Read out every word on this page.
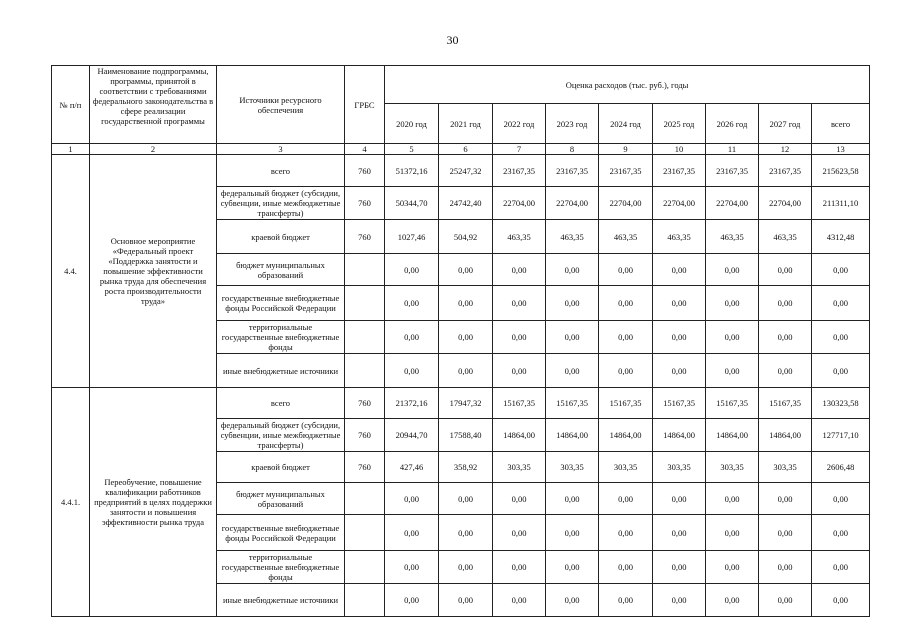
30
№ п/п	Наименование подпрограммы, программы, принятой в соответствии с требованиями федерального законодательства в сфере реализации государственной программы	Источники ресурсного обеспечения	ГРБС	Оценка расходов (тыс. руб.), годы								
				2020 год	2021 год	2022 год	2023 год	2024 год	2025 год	2026 год	2027 год	всего
1	2	3	4	5	6	7	8	9	10	11	12	13
4.4.	Основное мероприятие «Федеральный проект «Поддержка занятости и повышение эффективности рынка труда для обеспечения роста производительности труда»	всего	760	51372,16	25247,32	23167,35	23167,35	23167,35	23167,35	23167,35	23167,35	215623,58
		федеральный бюджет (субсидии, субвенции, иные межбюджетные трансферты)	760	50344,70	24742,40	22704,00	22704,00	22704,00	22704,00	22704,00	22704,00	211311,10
		краевой бюджет	760	1027,46	504,92	463,35	463,35	463,35	463,35	463,35	463,35	4312,48
		бюджет муниципальных образований		0,00	0,00	0,00	0,00	0,00	0,00	0,00	0,00	0,00
		государственные внебюджетные фонды Российской Федерации		0,00	0,00	0,00	0,00	0,00	0,00	0,00	0,00	0,00
		территориальные государственные внебюджетные фонды		0,00	0,00	0,00	0,00	0,00	0,00	0,00	0,00	0,00
		иные внебюджетные источники		0,00	0,00	0,00	0,00	0,00	0,00	0,00	0,00	0,00
4.4.1.	Переобучение, повышение квалификации работников предприятий в целях поддержки занятости и повышения эффективности рынка труда	всего	760	21372,16	17947,32	15167,35	15167,35	15167,35	15167,35	15167,35	15167,35	130323,58
		федеральный бюджет (субсидии, субвенции, иные межбюджетные трансферты)	760	20944,70	17588,40	14864,00	14864,00	14864,00	14864,00	14864,00	14864,00	127717,10
		краевой бюджет	760	427,46	358,92	303,35	303,35	303,35	303,35	303,35	303,35	2606,48
		бюджет муниципальных образований		0,00	0,00	0,00	0,00	0,00	0,00	0,00	0,00	0,00
		государственные внебюджетные фонды Российской Федерации		0,00	0,00	0,00	0,00	0,00	0,00	0,00	0,00	0,00
		территориальные государственные внебюджетные фонды		0,00	0,00	0,00	0,00	0,00	0,00	0,00	0,00	0,00
		иные внебюджетные источники		0,00	0,00	0,00	0,00	0,00	0,00	0,00	0,00	0,00
